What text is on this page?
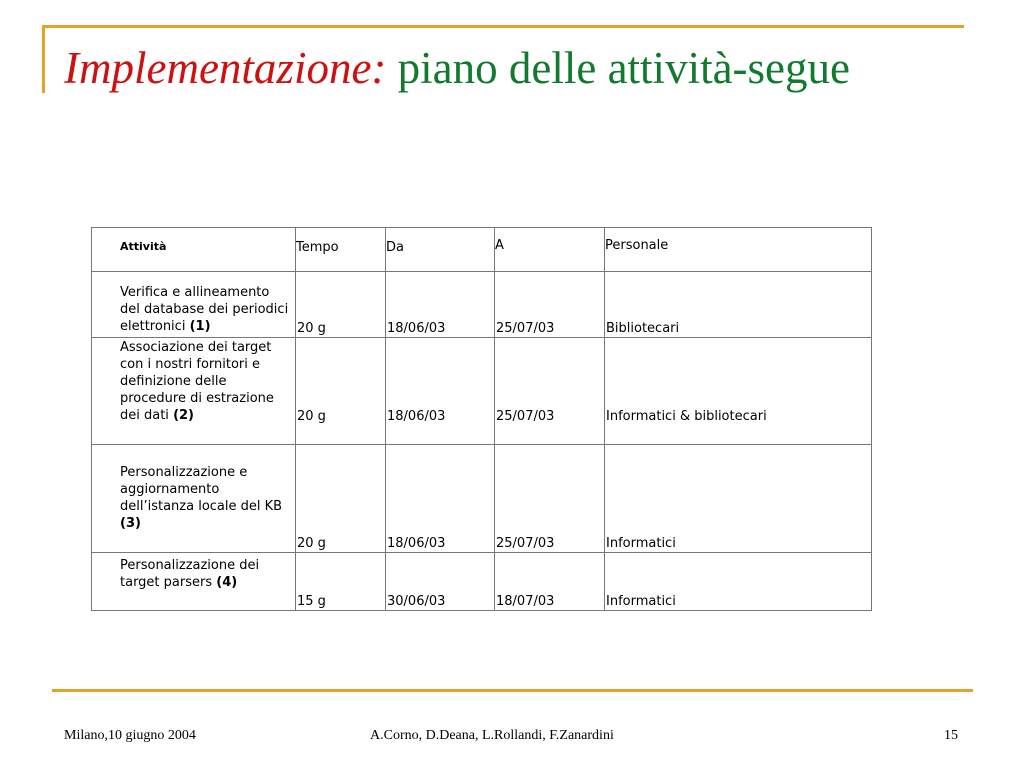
Implementazione: piano delle attività-segue
Attività	Tempo	Da	A	Personale
Verifica e allineamento del database dei periodici elettronici (1)	20 g	18/06/03	25/07/03	Bibliotecari
Associazione dei target con i nostri fornitori e definizione delle procedure di estrazione dei dati (2)	20 g	18/06/03	25/07/03	Informatici & bibliotecari
Personalizzazione e aggiornamento dell’istanza locale del KB (3)	20 g	18/06/03	25/07/03	Informatici
Personalizzazione dei target parsers (4)	15 g	30/06/03	18/07/03	Informatici
Milano,10 giugno 2004	A.Corno, D.Deana, L.Rollandi, F.Zanardini	15
